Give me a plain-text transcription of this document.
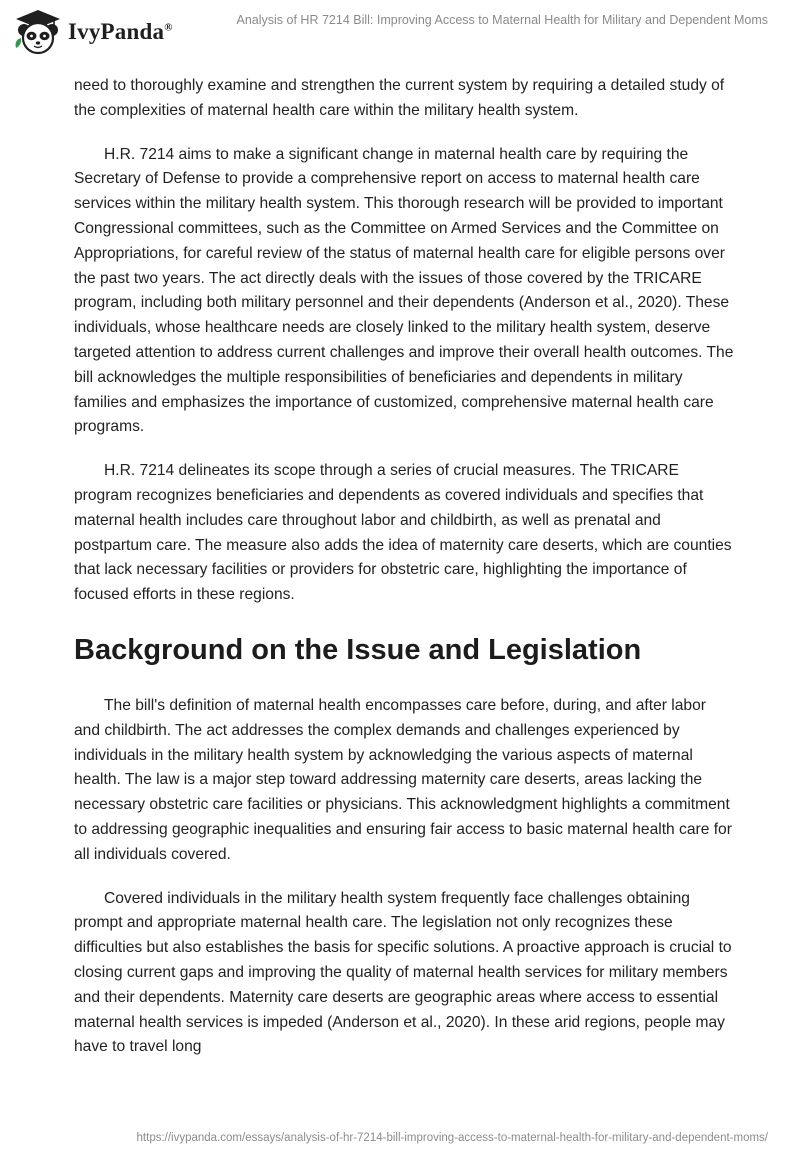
IvyPanda®
Analysis of HR 7214 Bill: Improving Access to Maternal Health for Military and Dependent Moms

need to thoroughly examine and strengthen the current system by requiring a detailed study of the complexities of maternal health care within the military health system.

H.R. 7214 aims to make a significant change in maternal health care by requiring the Secretary of Defense to provide a comprehensive report on access to maternal health care services within the military health system. This thorough research will be provided to important Congressional committees, such as the Committee on Armed Services and the Committee on Appropriations, for careful review of the status of maternal health care for eligible persons over the past two years. The act directly deals with the issues of those covered by the TRICARE program, including both military personnel and their dependents (Anderson et al., 2020). These individuals, whose healthcare needs are closely linked to the military health system, deserve targeted attention to address current challenges and improve their overall health outcomes. The bill acknowledges the multiple responsibilities of beneficiaries and dependents in military families and emphasizes the importance of customized, comprehensive maternal health care programs.

H.R. 7214 delineates its scope through a series of crucial measures. The TRICARE program recognizes beneficiaries and dependents as covered individuals and specifies that maternal health includes care throughout labor and childbirth, as well as prenatal and postpartum care. The measure also adds the idea of maternity care deserts, which are counties that lack necessary facilities or providers for obstetric care, highlighting the importance of focused efforts in these regions.

Background on the Issue and Legislation

The bill's definition of maternal health encompasses care before, during, and after labor and childbirth. The act addresses the complex demands and challenges experienced by individuals in the military health system by acknowledging the various aspects of maternal health. The law is a major step toward addressing maternity care deserts, areas lacking the necessary obstetric care facilities or physicians. This acknowledgment highlights a commitment to addressing geographic inequalities and ensuring fair access to basic maternal health care for all individuals covered.

Covered individuals in the military health system frequently face challenges obtaining prompt and appropriate maternal health care. The legislation not only recognizes these difficulties but also establishes the basis for specific solutions. A proactive approach is crucial to closing current gaps and improving the quality of maternal health services for military members and their dependents. Maternity care deserts are geographic areas where access to essential maternal health services is impeded (Anderson et al., 2020). In these arid regions, people may have to travel long

https://ivypanda.com/essays/analysis-of-hr-7214-bill-improving-access-to-maternal-health-for-military-and-dependent-moms/
